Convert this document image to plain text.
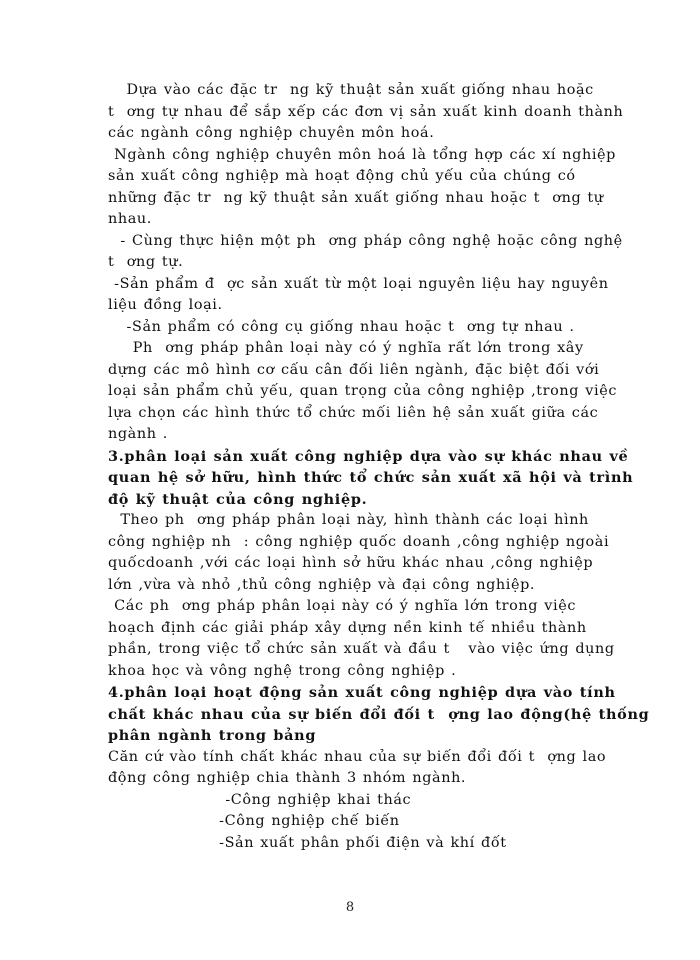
Dựa vào các đặc tr  ng kỹ thuật sản xuất giống nhau hoặc
t  ơng tự nhau để sắp xếp các đơn vị sản xuất kinh doanh thành
các ngành công nghiệp chuyên môn hoá.
Ngành công nghiệp chuyên môn hoá là tổng hợp các xí nghiệp
sản xuất công nghiệp mà hoạt động chủ yếu của chúng có
những đặc tr  ng kỹ thuật sản xuất giống nhau hoặc t  ơng tự
nhau.
- Cùng thực hiện một ph  ơng pháp công nghệ hoặc công nghệ
t  ơng tự.
-Sản phẩm đ  ợc sản xuất từ một loại nguyên liệu hay nguyên
liệu đồng loại.
-Sản phẩm có công cụ giống nhau hoặc t  ơng tự nhau .
Ph  ơng pháp phân loại này có ý nghĩa rất lớn trong xây
dựng các mô hình cơ cấu cân đối liên ngành, đặc biệt đối với
loại sản phẩm chủ yếu, quan trọng của công nghiệp ,trong việc
lựa chọn các hình thức tổ chức mối liên hệ sản xuất giữa các
ngành .
3.phân loại sản xuất công nghiệp dựa vào sự khác nhau về
quan hệ sở hữu, hình thức tổ chức sản xuất xã hội và trình
độ kỹ thuật của công nghiệp.
Theo ph  ơng pháp phân loại này, hình thành các loại hình
công nghiệp nh  : công nghiệp quốc doanh ,công nghiệp ngoài
quốcdoanh ,với các loại hình sở hữu khác nhau ,công nghiệp
lớn ,vừa và nhỏ ,thủ công nghiệp và đại công nghiệp.
Các ph  ơng pháp phân loại này có ý nghĩa lớn trong việc
hoạch định các giải pháp xây dựng nền kinh tế nhiều thành
phần, trong việc tổ chức sản xuất và đầu t   vào việc ứng dụng
khoa học và vông nghệ trong công nghiệp .
4.phân loại hoạt động sản xuất công nghiệp dựa vào tính
chất khác nhau của sự biến đổi đối t  ợng lao động(hệ thống
phân ngành trong bảng
Căn cứ vào tính chất khác nhau của sự biến đổi đối t  ợng lao
động công nghiệp chia thành 3 nhóm ngành.
-Công nghiệp khai thác
-Công nghiệp chế biến
-Sản xuất phân phối điện và khí đốt
8
